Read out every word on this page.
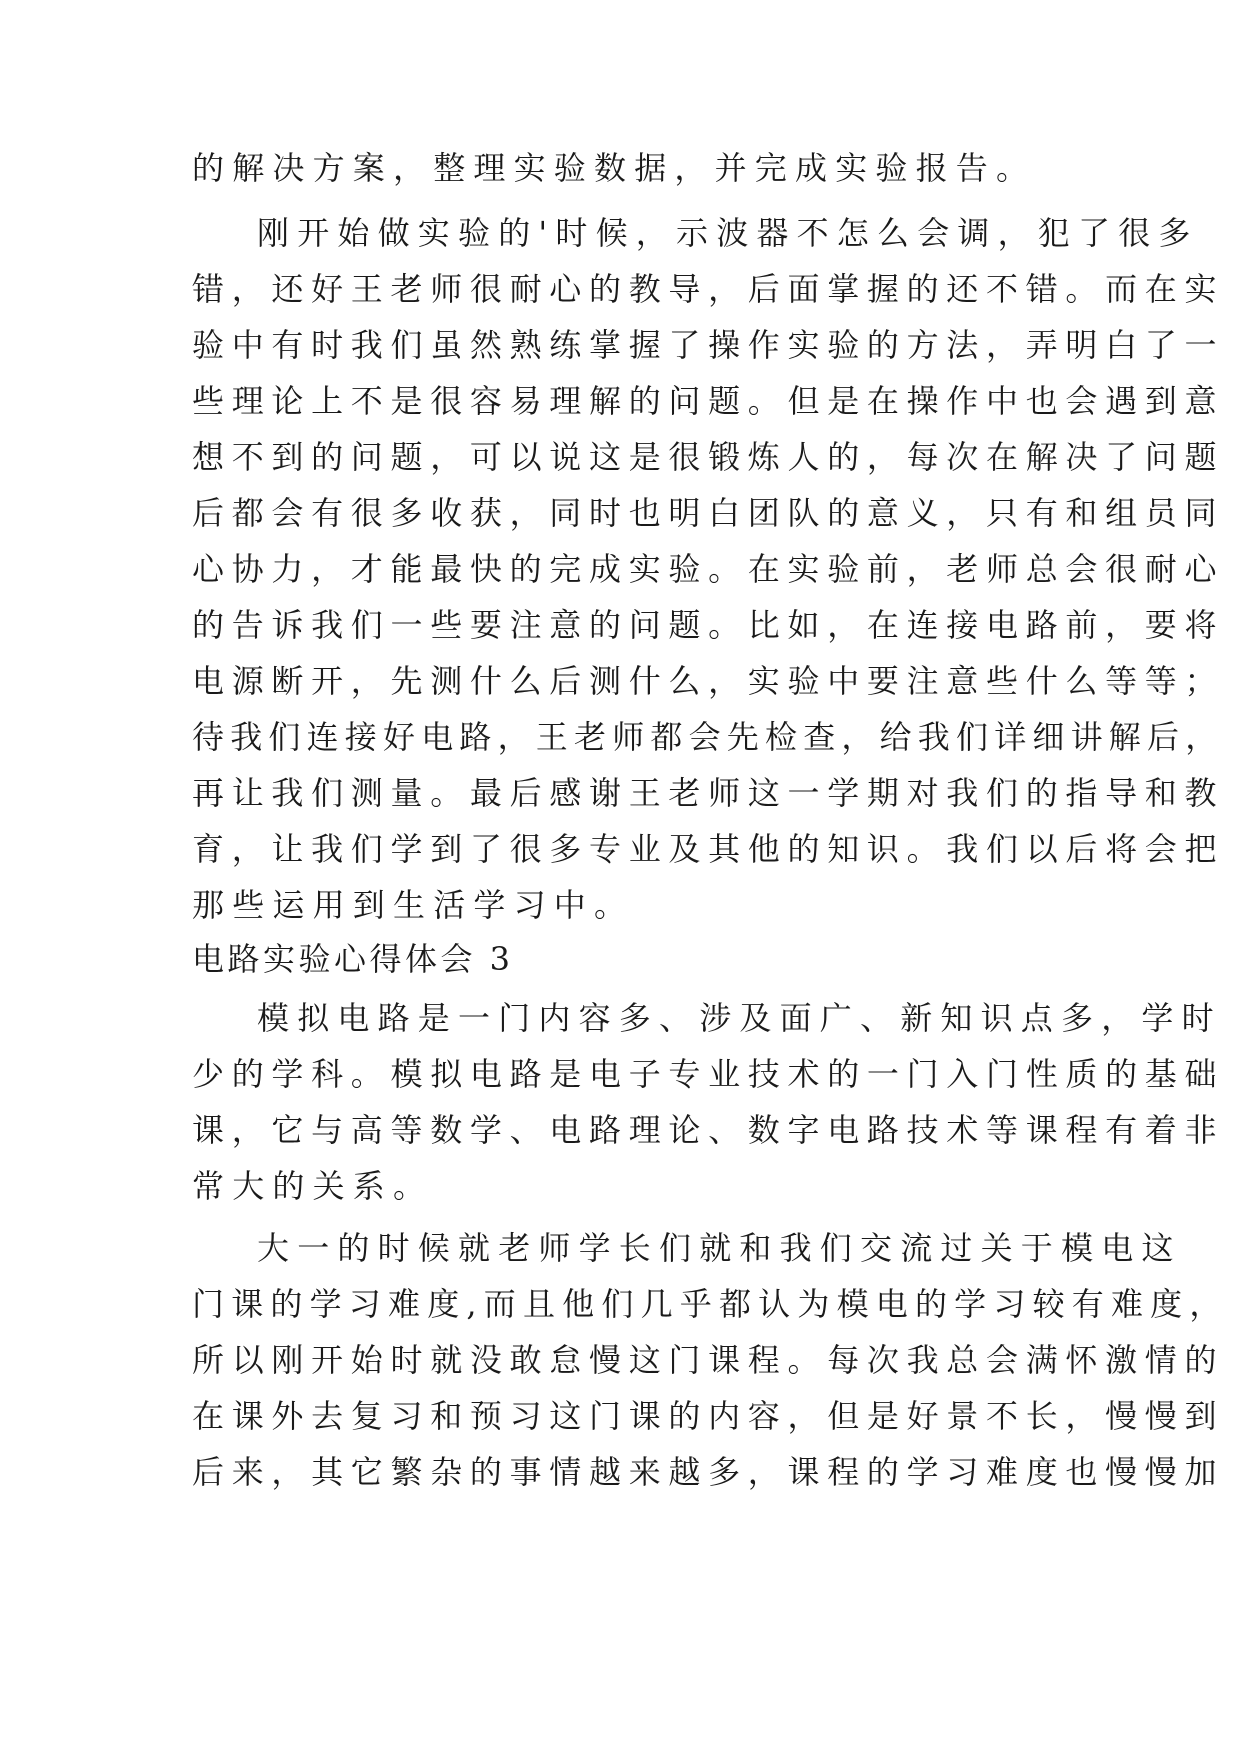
的解决方案，整理实验数据，并完成实验报告。
刚开始做实验的'时候，示波器不怎么会调，犯了很多
错，还好王老师很耐心的教导，后面掌握的还不错。而在实
验中有时我们虽然熟练掌握了操作实验的方法，弄明白了一
些理论上不是很容易理解的问题。但是在操作中也会遇到意
想不到的问题，可以说这是很锻炼人的，每次在解决了问题
后都会有很多收获，同时也明白团队的意义，只有和组员同
心协力，才能最快的完成实验。在实验前，老师总会很耐心
的告诉我们一些要注意的问题。比如，在连接电路前，要将
电源断开，先测什么后测什么，实验中要注意些什么等等；
待我们连接好电路，王老师都会先检查，给我们详细讲解后，
再让我们测量。最后感谢王老师这一学期对我们的指导和教
育，让我们学到了很多专业及其他的知识。我们以后将会把
那些运用到生活学习中。
电路实验心得体会 3
模拟电路是一门内容多、涉及面广、新知识点多，学时
少的学科。模拟电路是电子专业技术的一门入门性质的基础
课，它与高等数学、电路理论、数字电路技术等课程有着非
常大的关系。
大一的时候就老师学长们就和我们交流过关于模电这
门课的学习难度,而且他们几乎都认为模电的学习较有难度，
所以刚开始时就没敢怠慢这门课程。每次我总会满怀激情的
在课外去复习和预习这门课的内容，但是好景不长，慢慢到
后来，其它繁杂的事情越来越多，课程的学习难度也慢慢加
